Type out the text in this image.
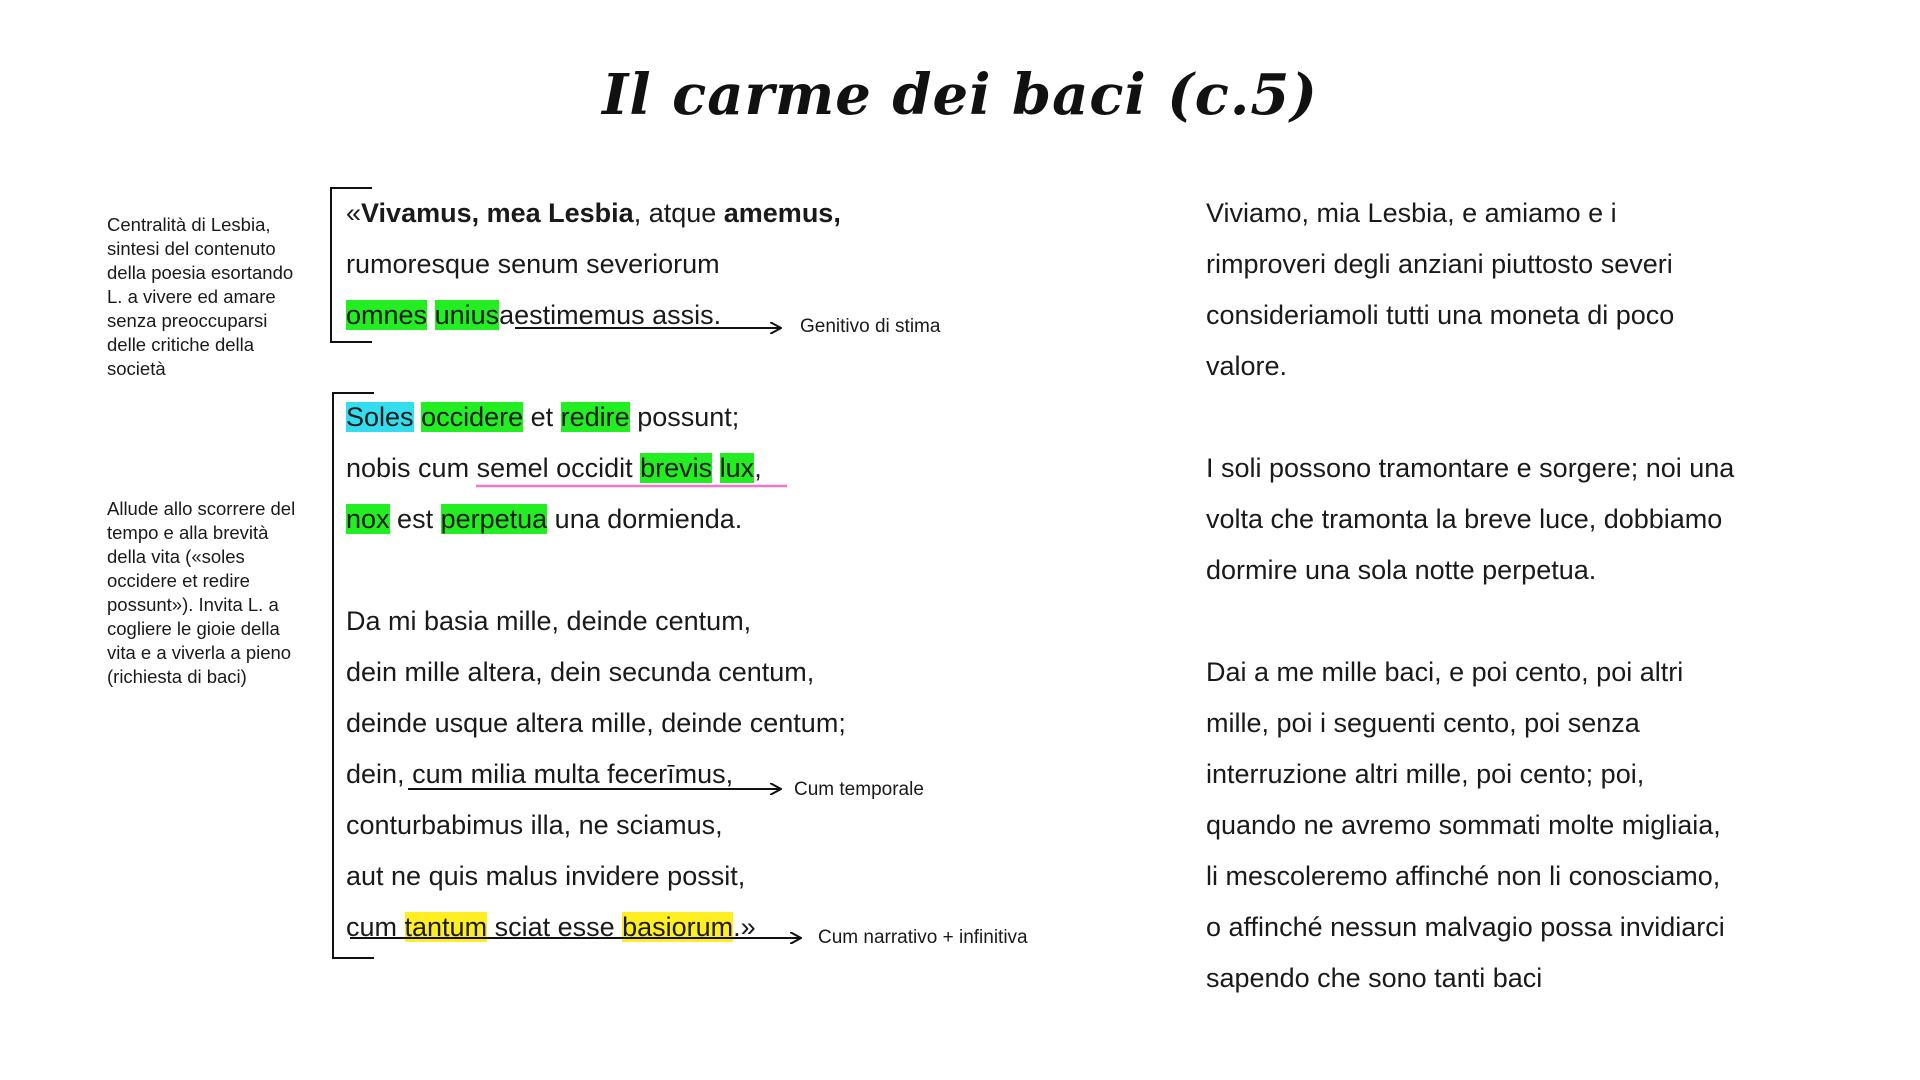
Il carme dei baci (c.5)
Centralità di Lesbia, sintesi del contenuto della poesia esortando L. a vivere ed amare senza preoccuparsi delle critiche della società
Allude allo scorrere del tempo e alla brevità della vita («soles occidere et redire possunt»). Invita L. a cogliere le gioie della vita e a viverla a pieno (richiesta di baci)
«Vivamus, mea Lesbia, atque amemus,
rumoresque senum severiorum
omnes uniusaestimemus assis.
Soles occidere et redire possunt;
nobis cum semel occidit brevis lux,
nox est perpetua una dormienda.
Da mi basia mille, deinde centum,
dein mille altera, dein secunda centum,
deinde usque altera mille, deinde centum;
dein, cum milia multa fecerīmus,
conturbabimus illa, ne sciamus,
aut ne quis malus invidere possit,
cum tantum sciat esse basiorum.»
Genitivo di stima
Cum temporale
Cum narrativo + infinitiva
Viviamo, mia Lesbia, e amiamo e i
rimproveri degli anziani piuttosto severi
consideriamoli tutti una moneta di poco
valore.
I soli possono tramontare e sorgere; noi una
volta che tramonta la breve luce, dobbiamo
dormire una sola notte perpetua.
Dai a me mille baci, e poi cento, poi altri
mille, poi i seguenti cento, poi senza
interruzione altri mille, poi cento; poi,
quando ne avremo sommati molte migliaia,
li mescoleremo affinché non li conosciamo,
o affinché nessun malvagio possa invidiarci
sapendo che sono tanti baci
